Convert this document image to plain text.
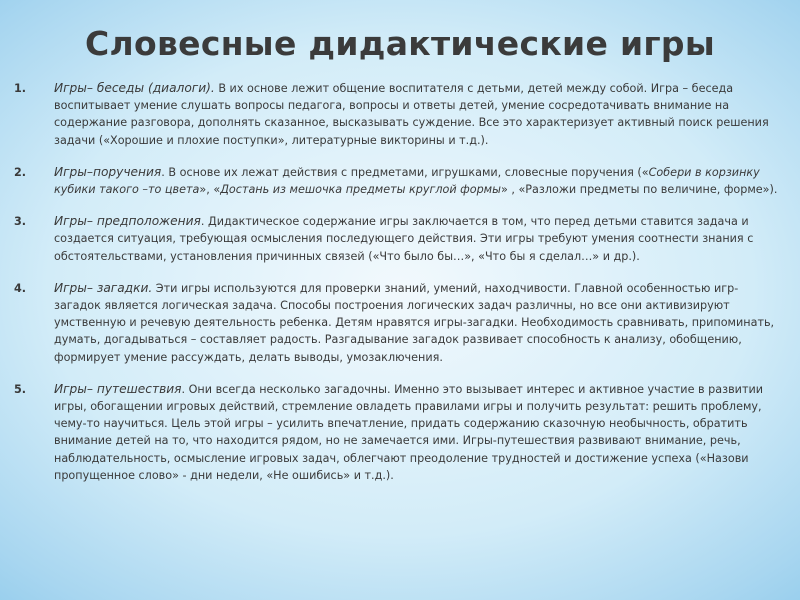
Словесные дидактические игры
1. Игры– беседы (диалоги). В их основе лежит общение воспитателя с детьми, детей между собой. Игра – беседа воспитывает умение слушать вопросы педагога, вопросы и ответы детей, умение сосредотачивать внимание на содержание разговора, дополнять сказанное, высказывать суждение. Все это характеризует активный поиск решения задачи («Хорошие и плохие поступки», литературные викторины и т.д.).
2. Игры–поручения. В основе их лежат действия с предметами, игрушками, словесные поручения («Собери в корзинку кубики такого –то цвета», «Достань из мешочка предметы круглой формы» , «Разложи предметы по величине, форме»).
3. Игры– предположения. Дидактическое содержание игры заключается в том, что перед детьми ставится задача и создается ситуация, требующая осмысления последующего действия. Эти игры требуют умения соотнести знания с обстоятельствами, установления причинных связей («Что было бы…», «Что бы я сделал…» и др.).
4. Игры– загадки. Эти игры используются для проверки знаний, умений, находчивости. Главной особенностью игр-загадок является логическая задача. Способы построения логических задач различны, но все они активизируют умственную и речевую деятельность ребенка. Детям нравятся игры-загадки. Необходимость сравнивать, припоминать, думать, догадываться – составляет радость. Разгадывание загадок развивает способность к анализу, обобщению, формирует умение рассуждать, делать выводы, умозаключения.
5. Игры– путешествия. Они всегда несколько загадочны. Именно это вызывает интерес и активное участие в развитии игры, обогащении игровых действий, стремление овладеть правилами игры и получить результат: решить проблему, чему-то научиться. Цель этой игры – усилить впечатление, придать содержанию сказочную необычность, обратить внимание детей на то, что находится рядом, но не замечается ими. Игры-путешествия развивают внимание, речь, наблюдательность, осмысление игровых задач, облегчают преодоление трудностей и достижение успеха («Назови пропущенное слово» - дни недели, «Не ошибись» и т.д.).
